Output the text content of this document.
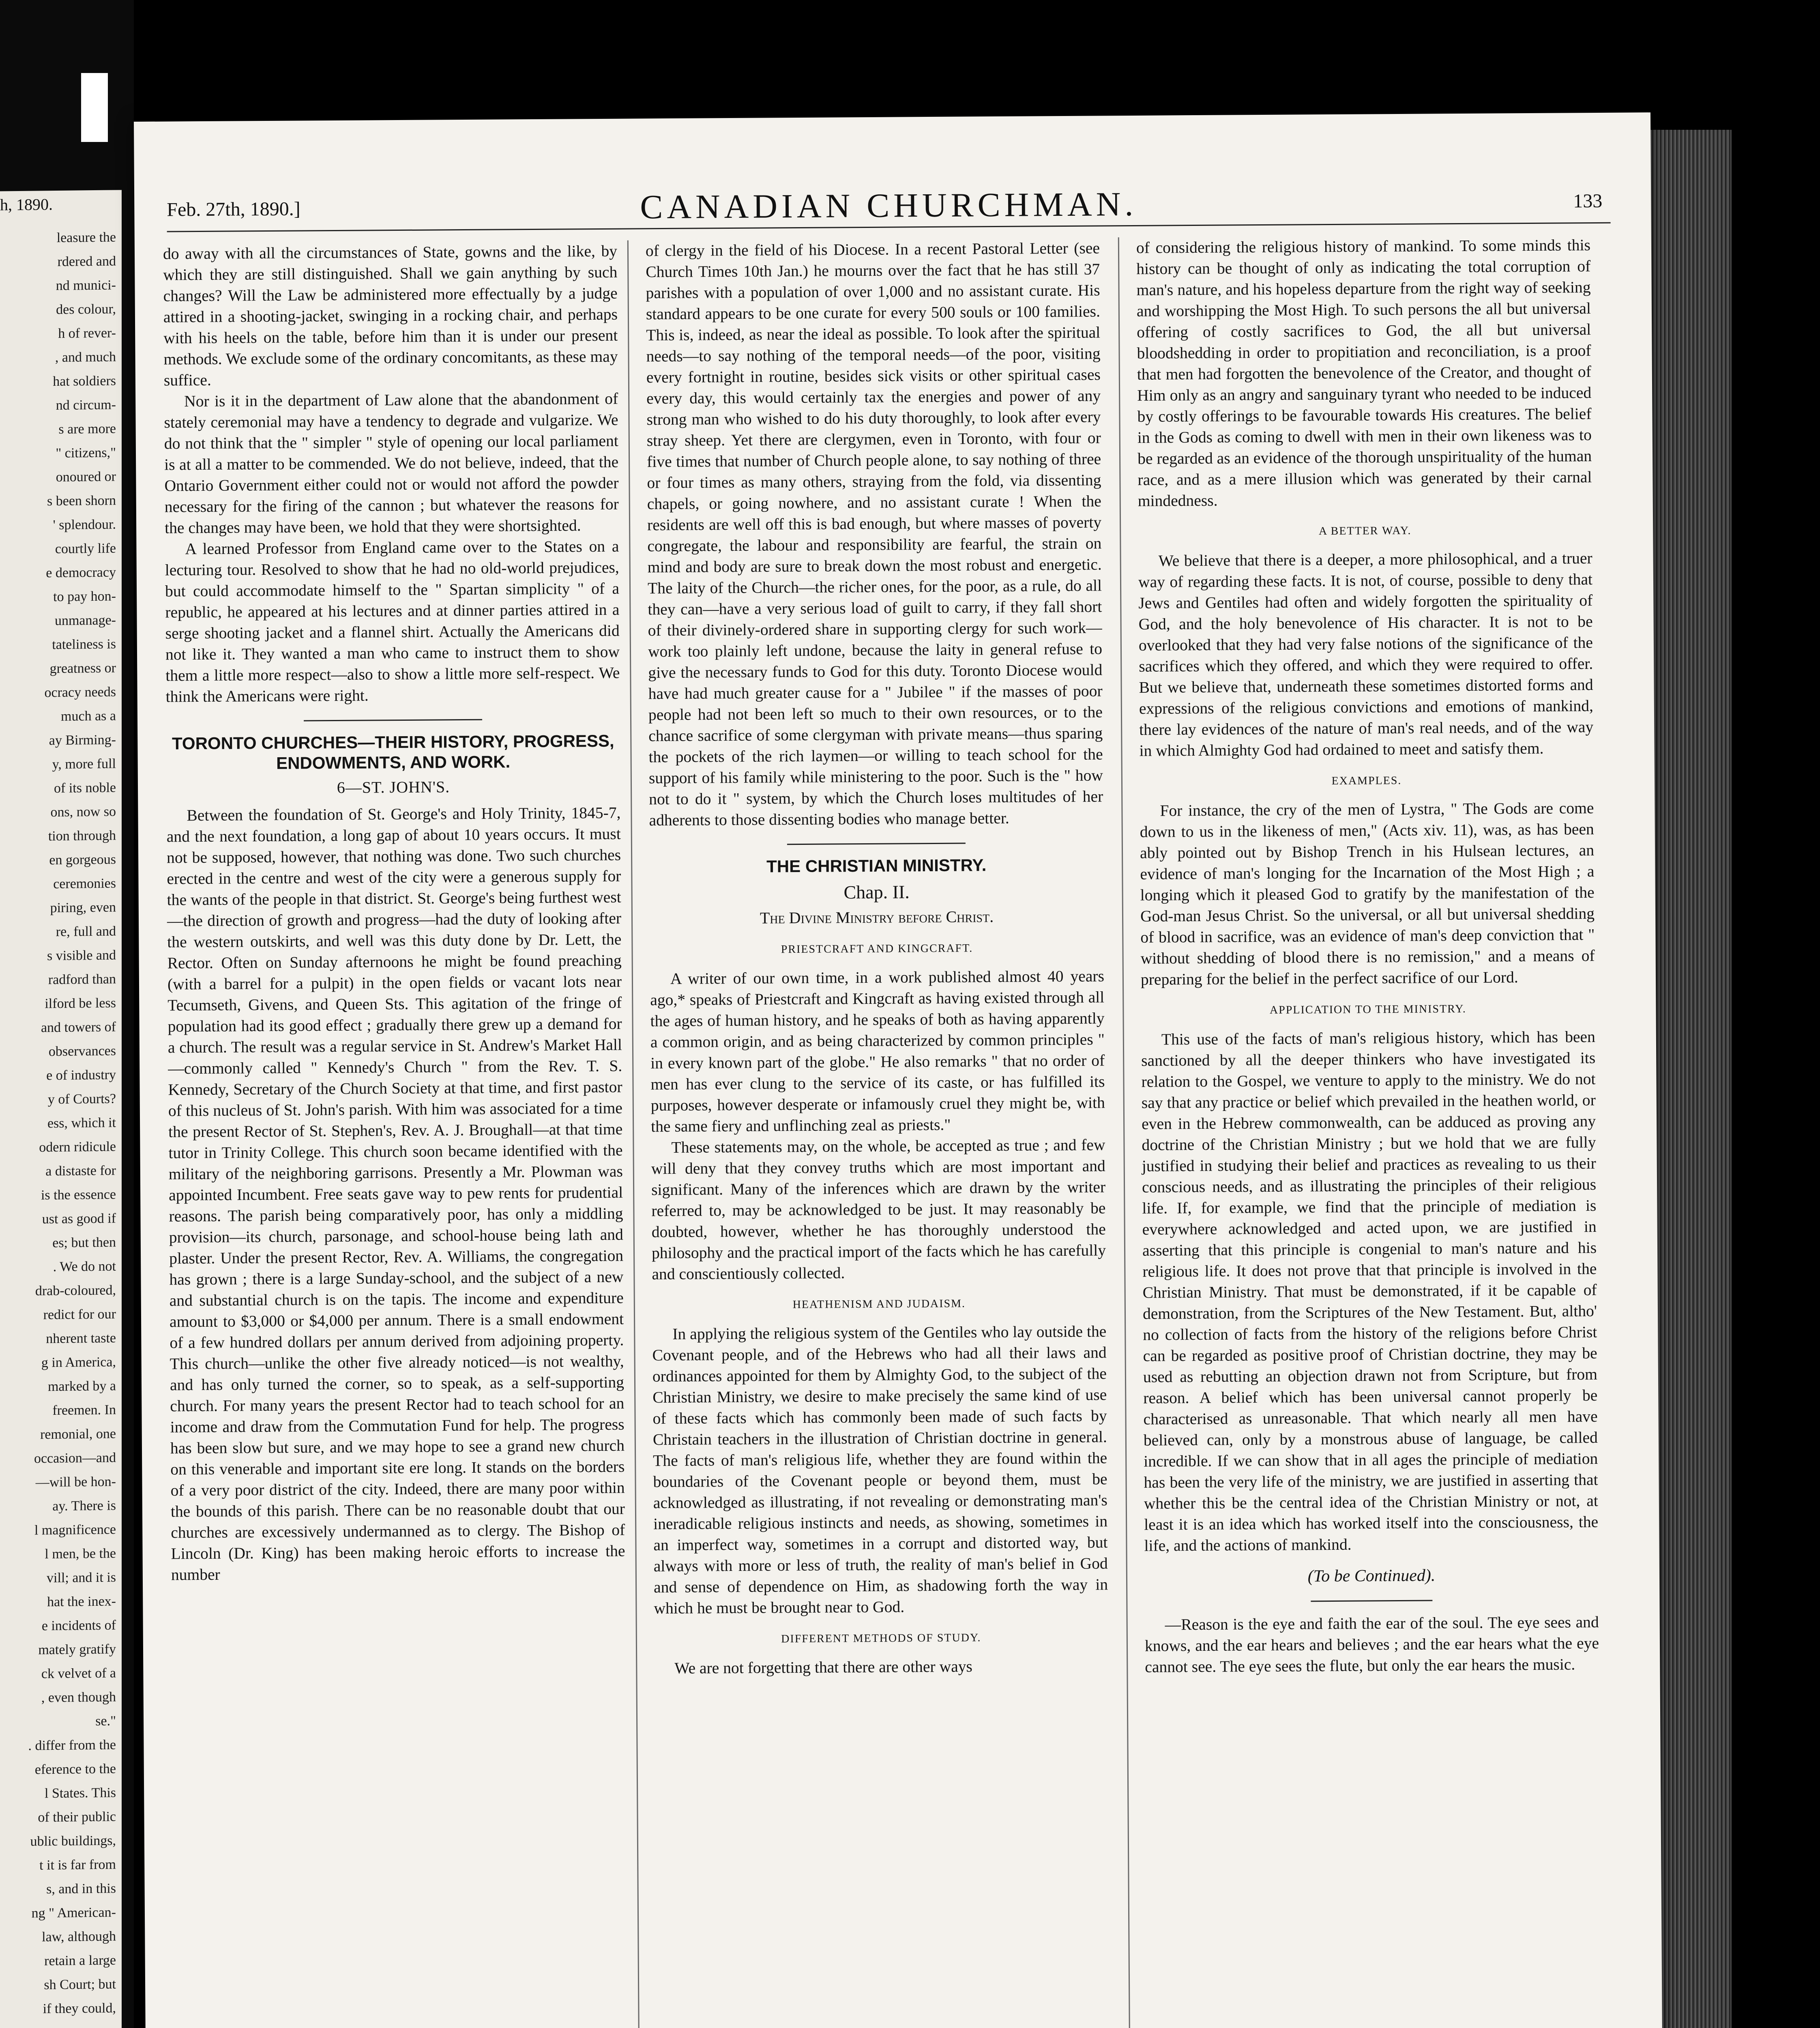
h, 1890.
leasure the
rdered and
nd munici-
des colour,
h of rever-
, and much
hat soldiers
nd circum-
s are more
" citizens,"
onoured or
s been shorn
' splendour.
courtly life
e democracy
to pay hon-
unmanage-
tateliness is
greatness or
ocracy needs
much as a
ay Birming-
y, more full
of its noble
ons, now so
tion through
en gorgeous
ceremonies
piring, even
re, full and
s visible and
radford than
ilford be less
and towers of
observances
e of industry
y of Courts?
ess, which it
odern ridicule
a distaste for
is the essence
ust as good if
es; but then
. We do not
drab-coloured,
redict for our
nherent taste
g in America,
marked by a
freemen. In
remonial, one
occasion—and
—will be hon-
ay. There is
l magnificence
l men, be the
vill; and it is
hat the inex-
e incidents of
mately gratify
ck velvet of a
, even though
se."
. differ from the
eference to the
l States. This
of their public
ublic buildings,
t it is far from
s, and in this
ng " American-
law, although
retain a large
sh Court; but
if they could,
Feb. 27th, 1890.]	CANADIAN CHURCHMAN.	133

do away with all the circumstances of State, gowns and the like, by which they are still distinguished. Shall we gain anything by such changes? Will the Law be administered more effectually by a judge attired in a shooting-jacket, swinging in a rocking chair, and perhaps with his heels on the table, before him than it is under our present methods. We exclude some of the ordinary concomitants, as these may suffice.

Nor is it in the department of Law alone that the abandonment of stately ceremonial may have a tendency to degrade and vulgarize. We do not think that the " simpler " style of opening our local parliament is at all a matter to be commended. We do not believe, indeed, that the Ontario Government either could not or would not afford the powder necessary for the firing of the cannon ; but whatever the reasons for the changes may have been, we hold that they were shortsighted.

A learned Professor from England came over to the States on a lecturing tour. Resolved to show that he had no old-world prejudices, but could accommodate himself to the " Spartan simplicity " of a republic, he appeared at his lectures and at dinner parties attired in a serge shooting jacket and a flannel shirt. Actually the Americans did not like it. They wanted a man who came to instruct them to show them a little more respect—also to show a little more self-respect. We think the Americans were right.

TORONTO CHURCHES—THEIR HISTORY, PROGRESS, ENDOWMENTS, AND WORK.
6—ST. JOHN'S.

Between the foundation of St. George's and Holy Trinity, 1845-7, and the next foundation, a long gap of about 10 years occurs. It must not be supposed, however, that nothing was done. Two such churches erected in the centre and west of the city were a generous supply for the wants of the people in that district. St. George's being furthest west—the direction of growth and progress—had the duty of looking after the western outskirts, and well was this duty done by Dr. Lett, the Rector. Often on Sunday afternoons he might be found preaching (with a barrel for a pulpit) in the open fields or vacant lots near Tecumseth, Givens, and Queen Sts. This agitation of the fringe of population had its good effect ; gradually there grew up a demand for a church. The result was a regular service in St. Andrew's Market Hall—commonly called " Kennedy's Church " from the Rev. T. S. Kennedy, Secretary of the Church Society at that time, and first pastor of this nucleus of St. John's parish. With him was associated for a time the present Rector of St. Stephen's, Rev. A. J. Broughall—at that time tutor in Trinity College. This church soon became identified with the military of the neighboring garrisons. Presently a Mr. Plowman was appointed Incumbent. Free seats gave way to pew rents for prudential reasons. The parish being comparatively poor, has only a middling provision—its church, parsonage, and school-house being lath and plaster. Under the present Rector, Rev. A. Williams, the congregation has grown ; there is a large Sunday-school, and the subject of a new and substantial church is on the tapis. The income and expenditure amount to $3,000 or $4,000 per annum. There is a small endowment of a few hundred dollars per annum derived from adjoining property. This church—unlike the other five already noticed—is not wealthy, and has only turned the corner, so to speak, as a self-supporting church. For many years the present Rector had to teach school for an income and draw from the Commutation Fund for help. The progress has been slow but sure, and we may hope to see a grand new church on this venerable and important site ere long. It stands on the borders of a very poor district of the city. Indeed, there are many poor within the bounds of this parish. There can be no reasonable doubt that our churches are excessively undermanned as to clergy. The Bishop of Lincoln (Dr. King) has been making heroic efforts to increase the number

of clergy in the field of his Diocese. In a recent Pastoral Letter (see Church Times 10th Jan.) he mourns over the fact that he has still 37 parishes with a population of over 1,000 and no assistant curate. His standard appears to be one curate for every 500 souls or 100 families. This is, indeed, as near the ideal as possible. To look after the spiritual needs—to say nothing of the temporal needs—of the poor, visiting every fortnight in routine, besides sick visits or other spiritual cases every day, this would certainly tax the energies and power of any strong man who wished to do his duty thoroughly, to look after every stray sheep. Yet there are clergymen, even in Toronto, with four or five times that number of Church people alone, to say nothing of three or four times as many others, straying from the fold, via dissenting chapels, or going nowhere, and no assistant curate ! When the residents are well off this is bad enough, but where masses of poverty congregate, the labour and responsibility are fearful, the strain on mind and body are sure to break down the most robust and energetic. The laity of the Church—the richer ones, for the poor, as a rule, do all they can—have a very serious load of guilt to carry, if they fall short of their divinely-ordered share in supporting clergy for such work—work too plainly left undone, because the laity in general refuse to give the necessary funds to God for this duty. Toronto Diocese would have had much greater cause for a " Jubilee " if the masses of poor people had not been left so much to their own resources, or to the chance sacrifice of some clergyman with private means—thus sparing the pockets of the rich laymen—or willing to teach school for the support of his family while ministering to the poor. Such is the " how not to do it " system, by which the Church loses multitudes of her adherents to those dissenting bodies who manage better.

THE CHRISTIAN MINISTRY.
Chap. II.
The Divine Ministry before Christ.
PRIESTCRAFT AND KINGCRAFT.

A writer of our own time, in a work published almost 40 years ago,* speaks of Priestcraft and Kingcraft as having existed through all the ages of human history, and he speaks of both as having apparently a common origin, and as being characterized by common principles " in every known part of the globe." He also remarks " that no order of men has ever clung to the service of its caste, or has fulfilled its purposes, however desperate or infamously cruel they might be, with the same fiery and unflinching zeal as priests."

These statements may, on the whole, be accepted as true ; and few will deny that they convey truths which are most important and significant. Many of the inferences which are drawn by the writer referred to, may be acknowledged to be just. It may reasonably be doubted, however, whether he has thoroughly understood the philosophy and the practical import of the facts which he has carefully and conscientiously collected.

HEATHENISM AND JUDAISM.

In applying the religious system of the Gentiles who lay outside the Covenant people, and of the Hebrews who had all their laws and ordinances appointed for them by Almighty God, to the subject of the Christian Ministry, we desire to make precisely the same kind of use of these facts which has commonly been made of such facts by Christain teachers in the illustration of Christian doctrine in general. The facts of man's religious life, whether they are found within the boundaries of the Covenant people or beyond them, must be acknowledged as illustrating, if not revealing or demonstrating man's ineradicable religious instincts and needs, as showing, sometimes in an imperfect way, sometimes in a corrupt and distorted way, but always with more or less of truth, the reality of man's belief in God and sense of dependence on Him, as shadowing forth the way in which he must be brought near to God.

DIFFERENT METHODS OF STUDY.

We are not forgetting that there are other ways

of considering the religious history of mankind. To some minds this history can be thought of only as indicating the total corruption of man's nature, and his hopeless departure from the right way of seeking and worshipping the Most High. To such persons the all but universal offering of costly sacrifices to God, the all but universal bloodshedding in order to propitiation and reconciliation, is a proof that men had forgotten the benevolence of the Creator, and thought of Him only as an angry and sanguinary tyrant who needed to be induced by costly offerings to be favourable towards His creatures. The belief in the Gods as coming to dwell with men in their own likeness was to be regarded as an evidence of the thorough unspirituality of the human race, and as a mere illusion which was generated by their carnal mindedness.

A BETTER WAY.

We believe that there is a deeper, a more philosophical, and a truer way of regarding these facts. It is not, of course, possible to deny that Jews and Gentiles had often and widely forgotten the spirituality of God, and the holy benevolence of His character. It is not to be overlooked that they had very false notions of the significance of the sacrifices which they offered, and which they were required to offer. But we believe that, underneath these sometimes distorted forms and expressions of the religious convictions and emotions of mankind, there lay evidences of the nature of man's real needs, and of the way in which Almighty God had ordained to meet and satisfy them.

EXAMPLES.

For instance, the cry of the men of Lystra, " The Gods are come down to us in the likeness of men," (Acts xiv. 11), was, as has been ably pointed out by Bishop Trench in his Hulsean lectures, an evidence of man's longing for the Incarnation of the Most High ; a longing which it pleased God to gratify by the manifestation of the God-man Jesus Christ. So the universal, or all but universal shedding of blood in sacrifice, was an evidence of man's deep conviction that " without shedding of blood there is no remission," and a means of preparing for the belief in the perfect sacrifice of our Lord.

APPLICATION TO THE MINISTRY.

This use of the facts of man's religious history, which has been sanctioned by all the deeper thinkers who have investigated its relation to the Gospel, we venture to apply to the ministry. We do not say that any practice or belief which prevailed in the heathen world, or even in the Hebrew commonwealth, can be adduced as proving any doctrine of the Christian Ministry ; but we hold that we are fully justified in studying their belief and practices as revealing to us their conscious needs, and as illustrating the principles of their religious life. If, for example, we find that the principle of mediation is everywhere acknowledged and acted upon, we are justified in asserting that this principle is congenial to man's nature and his religious life. It does not prove that that principle is involved in the Christian Ministry. That must be demonstrated, if it be capable of demonstration, from the Scriptures of the New Testament. But, altho' no collection of facts from the history of the religions before Christ can be regarded as positive proof of Christian doctrine, they may be used as rebutting an objection drawn not from Scripture, but from reason. A belief which has been universal cannot properly be characterised as unreasonable. That which nearly all men have believed can, only by a monstrous abuse of language, be called incredible. If we can show that in all ages the principle of mediation has been the very life of the ministry, we are justified in asserting that whether this be the central idea of the Christian Ministry or not, at least it is an idea which has worked itself into the consciousness, the life, and the actions of mankind.

(To be Continued).

—Reason is the eye and faith the ear of the soul. The eye sees and knows, and the ear hears and believes ; and the ear hears what the eye cannot see. The eye sees the flute, but only the ear hears the music.
